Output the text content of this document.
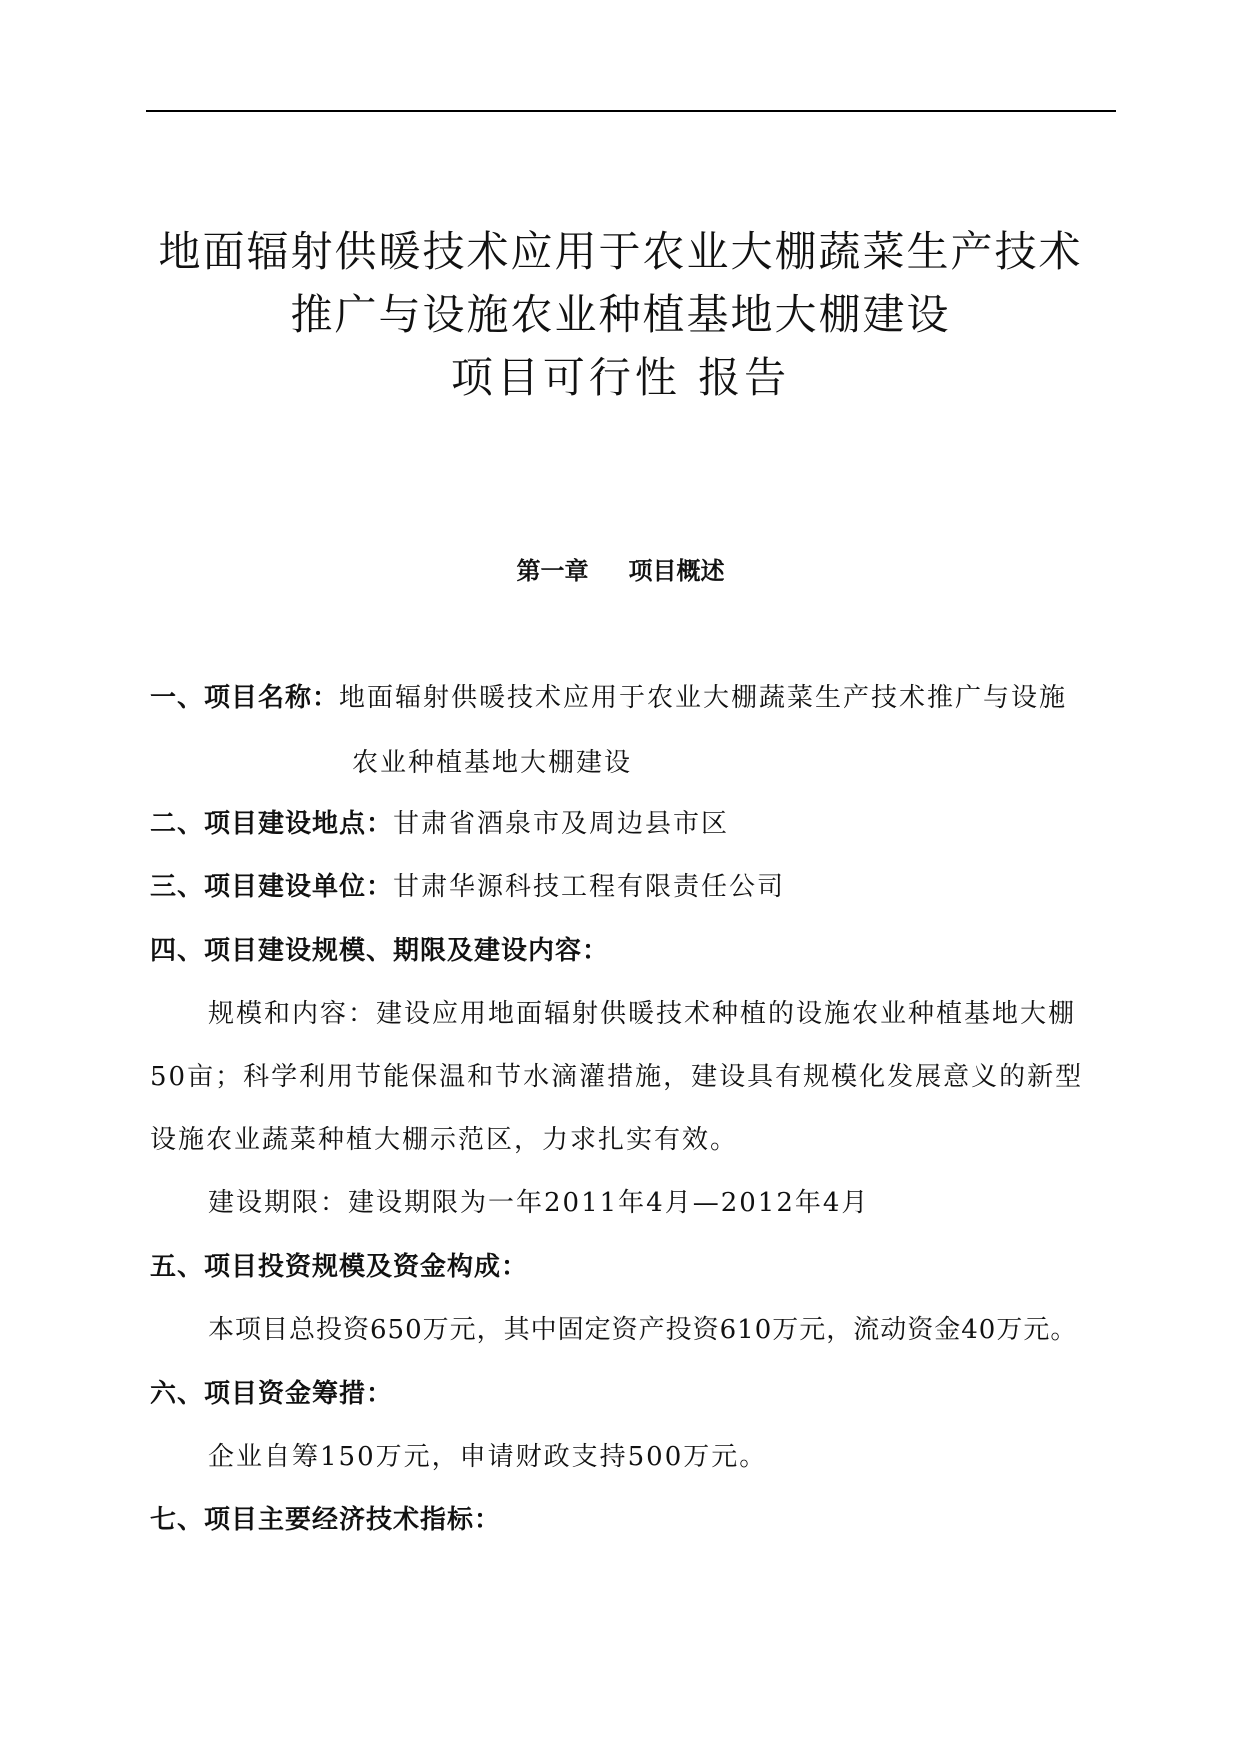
地面辐射供暖技术应用于农业大棚蔬菜生产技术
推广与设施农业种植基地大棚建设
项目可行性 报告
第一章 项目概述
一、项目名称：地面辐射供暖技术应用于农业大棚蔬菜生产技术推广与设施
农业种植基地大棚建设
二、项目建设地点：甘肃省酒泉市及周边县市区
三、项目建设单位：甘肃华源科技工程有限责任公司
四、项目建设规模、期限及建设内容：
规模和内容：建设应用地面辐射供暖技术种植的设施农业种植基地大棚
50亩；科学利用节能保温和节水滴灌措施，建设具有规模化发展意义的新型
设施农业蔬菜种植大棚示范区，力求扎实有效。
建设期限：建设期限为一年2011年4月—2012年4月
五、项目投资规模及资金构成：
本项目总投资650万元，其中固定资产投资610万元，流动资金40万元。
六、项目资金筹措：
企业自筹150万元，申请财政支持500万元。
七、项目主要经济技术指标：
